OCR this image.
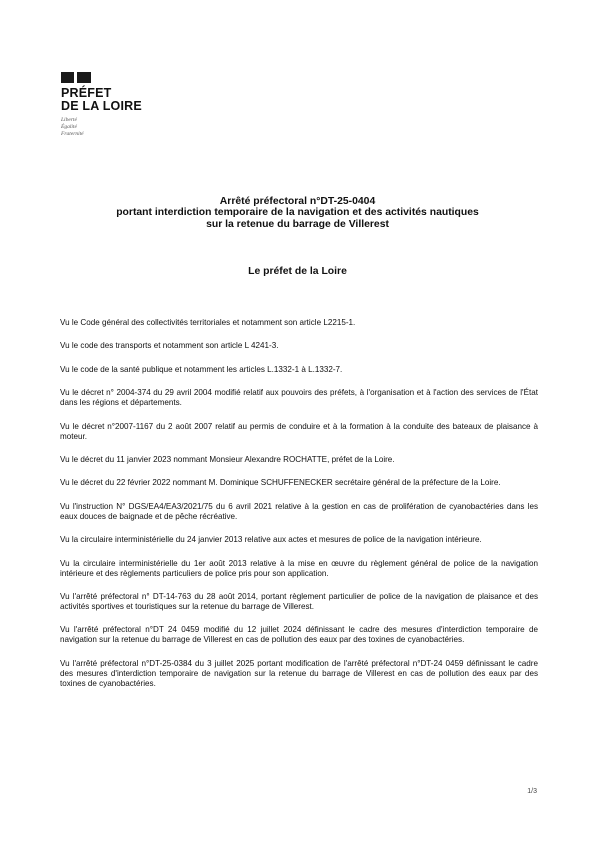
PRÉFET
DE LA LOIRE
Liberté
Égalité
Fraternité
Arrêté préfectoral n°DT-25-0404
portant interdiction temporaire de la navigation et des activités nautiques
sur la retenue du barrage de Villerest
Le préfet de la Loire
Vu le Code général des collectivités territoriales et notamment son article L2215-1.
Vu le code des transports et notamment son article L 4241-3.
Vu le code de la santé publique et notamment les articles L.1332-1 à L.1332-7.
Vu le décret n° 2004-374 du 29 avril 2004 modifié relatif aux pouvoirs des préfets, à l'organisation et à l'action des services de l'État dans les régions et départements.
Vu le décret n°2007-1167 du 2 août 2007 relatif au permis de conduire et à la formation à la conduite des bateaux de plaisance à moteur.
Vu le décret du 11 janvier 2023 nommant Monsieur Alexandre ROCHATTE, préfet de la Loire.
Vu le décret du 22 février 2022 nommant M. Dominique SCHUFFENECKER secrétaire général de la préfecture de la Loire.
Vu l'instruction N° DGS/EA4/EA3/2021/75 du 6 avril 2021 relative à la gestion en cas de prolifération de cyanobactéries dans les eaux douces de baignade et de pêche récréative.
Vu la circulaire interministérielle du 24 janvier 2013 relative aux actes et mesures de police de la navigation intérieure.
Vu la circulaire interministérielle du 1er août 2013 relative à la mise en œuvre du règlement général de police de la navigation intérieure et des règlements particuliers de police pris pour son application.
Vu l'arrêté préfectoral n° DT-14-763 du 28 août 2014, portant règlement particulier de police de la navigation de plaisance et des activités sportives et touristiques sur la retenue du barrage de Villerest.
Vu l'arrêté préfectoral n°DT 24 0459 modifié du 12 juillet 2024 définissant le cadre des mesures d'interdiction temporaire de navigation sur la retenue du barrage de Villerest en cas de pollution des eaux par des toxines de cyanobactéries.
Vu l'arrêté préfectoral n°DT-25-0384 du 3 juillet 2025 portant modification de l'arrêté préfectoral n°DT-24 0459 définissant le cadre des mesures d'interdiction temporaire de navigation sur la retenue du barrage de Villerest en cas de pollution des eaux par des toxines de cyanobactéries.
1/3
